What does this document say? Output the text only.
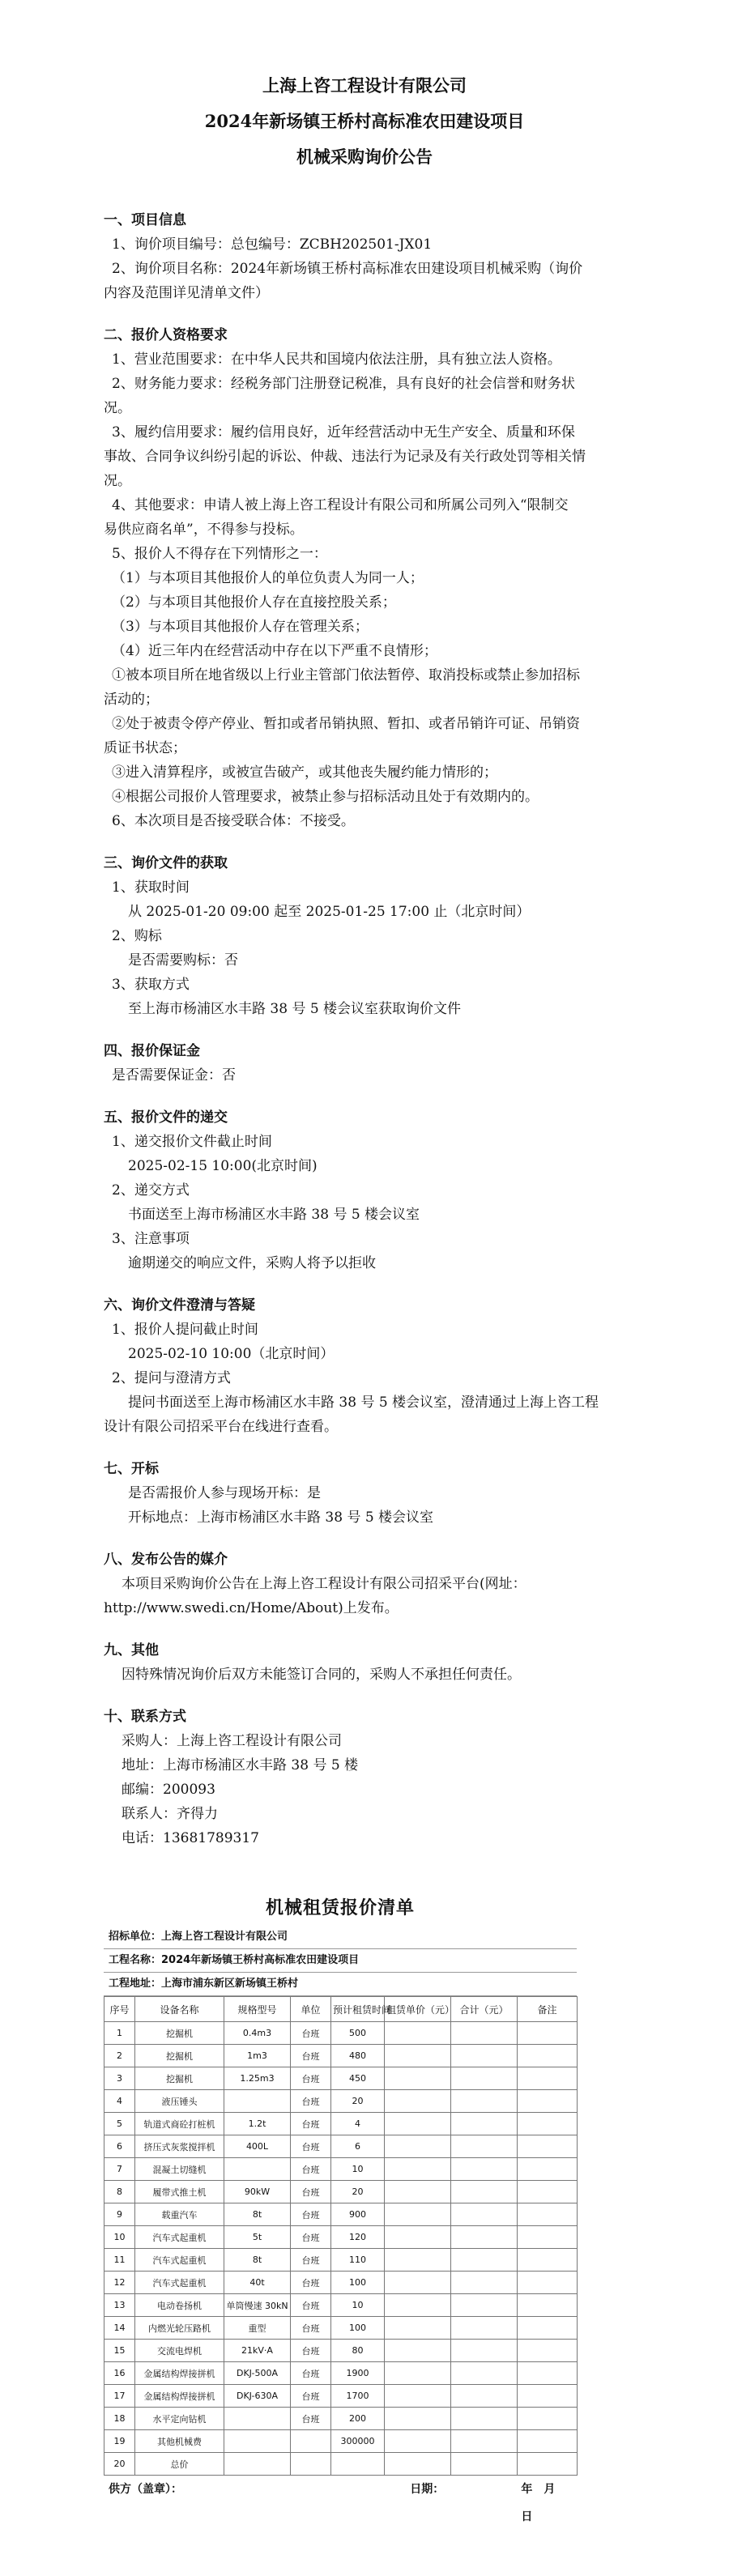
上海上咨工程设计有限公司
2024年新场镇王桥村高标准农田建设项目
机械采购询价公告
一、项目信息
1、询价项目编号：总包编号：ZCBH202501-JX01
2、询价项目名称：2024年新场镇王桥村高标准农田建设项目机械采购（询价
内容及范围详见清单文件）
二、报价人资格要求
1、营业范围要求：在中华人民共和国境内依法注册，具有独立法人资格。
2、财务能力要求：经税务部门注册登记税准，具有良好的社会信誉和财务状
况。
3、履约信用要求：履约信用良好，近年经营活动中无生产安全、质量和环保
事故、合同争议纠纷引起的诉讼、仲裁、违法行为记录及有关行政处罚等相关情
况。
4、其他要求：申请人被上海上咨工程设计有限公司和所属公司列入“限制交
易供应商名单”，不得参与投标。
5、报价人不得存在下列情形之一：
（1）与本项目其他报价人的单位负责人为同一人；
（2）与本项目其他报价人存在直接控股关系；
（3）与本项目其他报价人存在管理关系；
（4）近三年内在经营活动中存在以下严重不良情形；
①被本项目所在地省级以上行业主管部门依法暂停、取消投标或禁止参加招标
活动的；
②处于被责令停产停业、暂扣或者吊销执照、暂扣、或者吊销许可证、吊销资
质证书状态；
③进入清算程序，或被宣告破产，或其他丧失履约能力情形的；
④根据公司报价人管理要求，被禁止参与招标活动且处于有效期内的。
6、本次项目是否接受联合体：不接受。
三、询价文件的获取
1、获取时间
从 2025-01-20 09:00 起至 2025-01-25 17:00 止（北京时间）
2、购标
是否需要购标：否
3、获取方式
至上海市杨浦区水丰路 38 号 5 楼会议室获取询价文件
四、报价保证金
是否需要保证金：否
五、报价文件的递交
1、递交报价文件截止时间
2025-02-15 10:00(北京时间)
2、递交方式
书面送至上海市杨浦区水丰路 38 号 5 楼会议室
3、注意事项
逾期递交的响应文件，采购人将予以拒收
六、询价文件澄清与答疑
1、报价人提问截止时间
2025-02-10 10:00（北京时间）
2、提问与澄清方式
提问书面送至上海市杨浦区水丰路 38 号 5 楼会议室，澄清通过上海上咨工程
设计有限公司招采平台在线进行查看。
七、开标
是否需报价人参与现场开标：是
开标地点：上海市杨浦区水丰路 38 号 5 楼会议室
八、发布公告的媒介
本项目采购询价公告在上海上咨工程设计有限公司招采平台(网址：
http://www.swedi.cn/Home/About)上发布。
九、其他
因特殊情况询价后双方未能签订合同的，采购人不承担任何责任。
十、联系方式
采购人：上海上咨工程设计有限公司
地址：上海市杨浦区水丰路 38 号 5 楼
邮编：200093
联系人：齐得力
电话：13681789317
机械租赁报价清单
招标单位：上海上咨工程设计有限公司
工程名称：2024年新场镇王桥村高标准农田建设项目
工程地址：上海市浦东新区新场镇王桥村
序号	设备名称	规格型号	单位	预计租赁时间	租赁单价（元）	合计（元）	备注
1	挖掘机	0.4m3	台班	500			
2	挖掘机	1m3	台班	480			
3	挖掘机	1.25m3	台班	450			
4	液压锤头		台班	20			
5	轨道式商砼打桩机	1.2t	台班	4			
6	挤压式灰浆搅拌机	400L	台班	6			
7	混凝土切缝机		台班	10			
8	履带式推土机	90kW	台班	20			
9	载重汽车	8t	台班	900			
10	汽车式起重机	5t	台班	120			
11	汽车式起重机	8t	台班	110			
12	汽车式起重机	40t	台班	100			
13	电动卷扬机	单筒慢速 30kN	台班	10			
14	内燃光轮压路机	重型	台班	100			
15	交流电焊机	21kV·A	台班	80			
16	金属结构焊接拼机	DKJ-500A	台班	1900			
17	金属结构焊接拼机	DKJ-630A	台班	1700			
18	水平定向钻机		台班	200			
19	其他机械费			300000			
20	总价						
供方（盖章）：	日期：	年　月　日
